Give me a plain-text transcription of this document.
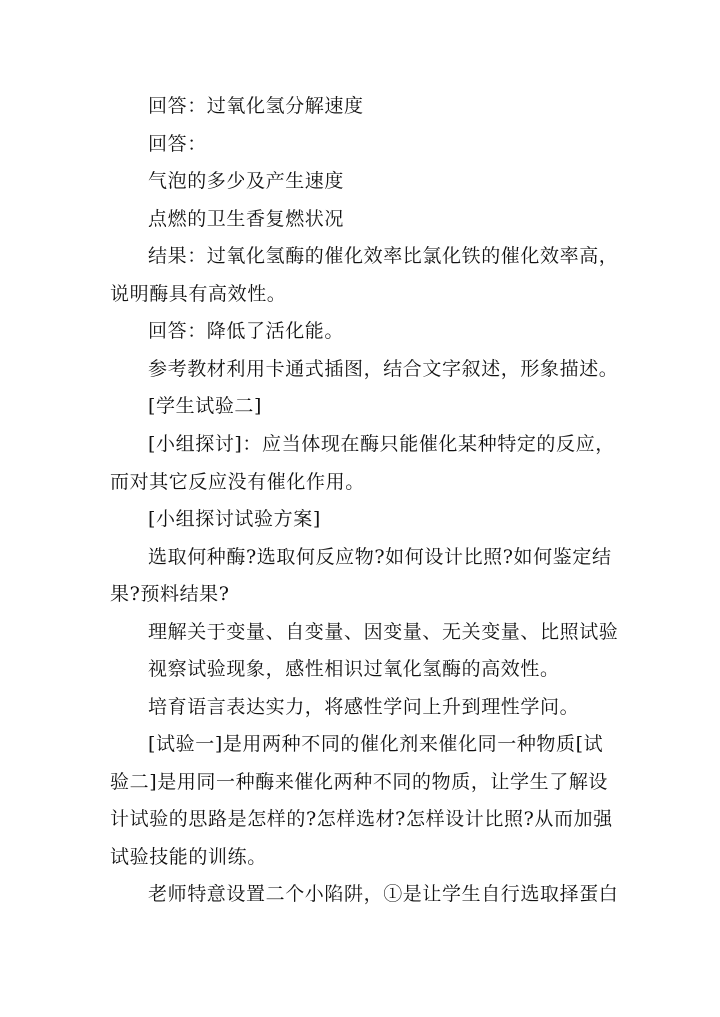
回答：过氧化氢分解速度
回答：
气泡的多少及产生速度
点燃的卫生香复燃状况
结果：过氧化氢酶的催化效率比氯化铁的催化效率高，
说明酶具有高效性。
回答：降低了活化能。
参考教材利用卡通式插图，结合文字叙述，形象描述。
[学生试验二]
[小组探讨]：应当体现在酶只能催化某种特定的反应，
而对其它反应没有催化作用。
[小组探讨试验方案]
选取何种酶?选取何反应物?如何设计比照?如何鉴定结
果?预料结果?
理解关于变量、自变量、因变量、无关变量、比照试验
视察试验现象，感性相识过氧化氢酶的高效性。
培育语言表达实力，将感性学问上升到理性学问。
[试验一]是用两种不同的催化剂来催化同一种物质[试
验二]是用同一种酶来催化两种不同的物质，让学生了解设
计试验的思路是怎样的?怎样选材?怎样设计比照?从而加强
试验技能的训练。
老师特意设置二个小陷阱，①是让学生自行选取择蛋白
